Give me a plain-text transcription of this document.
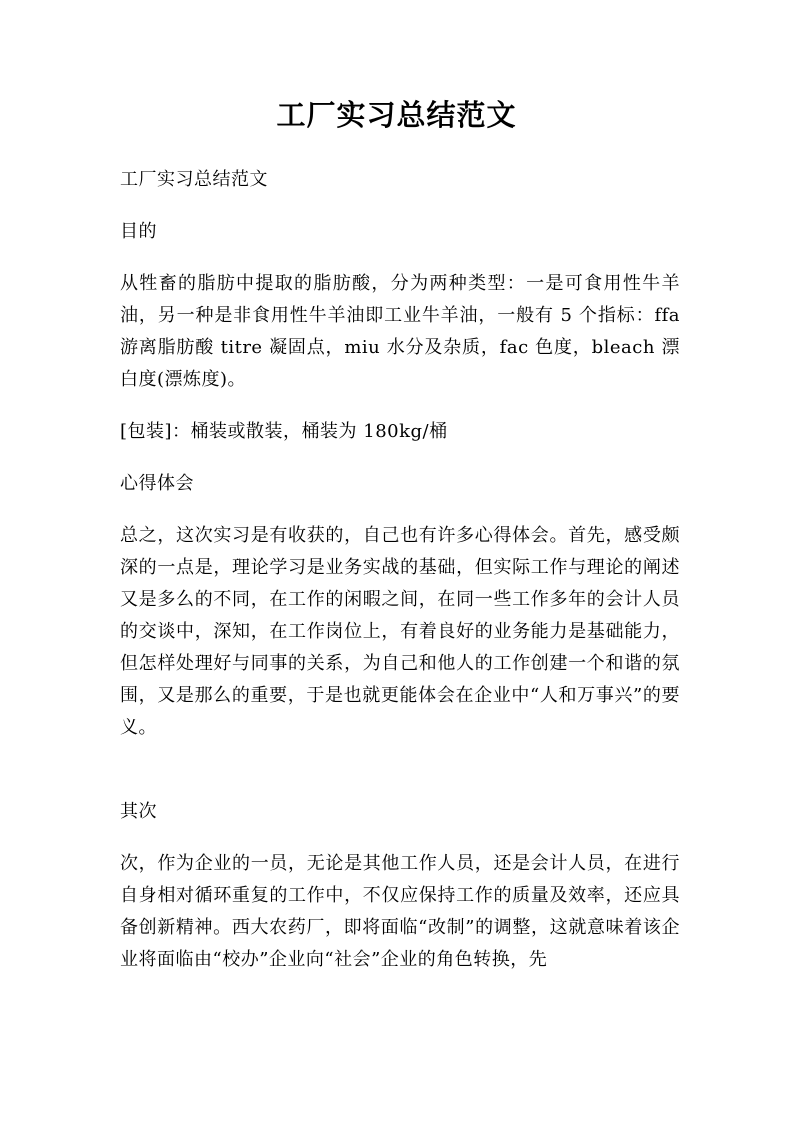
工厂实习总结范文

工厂实习总结范文

目的

从牲畜的脂肪中提取的脂肪酸，分为两种类型：一是可食用性牛羊油，另一种是非食用性牛羊油即工业牛羊油，一般有 5 个指标：ffa游离脂肪酸 titre 凝固点，miu 水分及杂质，fac 色度，bleach 漂白度(漂炼度)。

[包装]：桶装或散装，桶装为 180kg/桶

心得体会

总之，这次实习是有收获的，自己也有许多心得体会。首先，感受颇深的一点是，理论学习是业务实战的基础，但实际工作与理论的阐述又是多么的不同，在工作的闲暇之间，在同一些工作多年的会计人员的交谈中，深知，在工作岗位上，有着良好的业务能力是基础能力，但怎样处理好与同事的关系，为自己和他人的工作创建一个和谐的氛围，又是那么的重要，于是也就更能体会在企业中“人和万事兴”的要义。

其次

次，作为企业的一员，无论是其他工作人员，还是会计人员，在进行自身相对循环重复的工作中，不仅应保持工作的质量及效率，还应具备创新精神。西大农药厂，即将面临“改制”的调整，这就意味着该企业将面临由“校办”企业向“社会”企业的角色转换，先
